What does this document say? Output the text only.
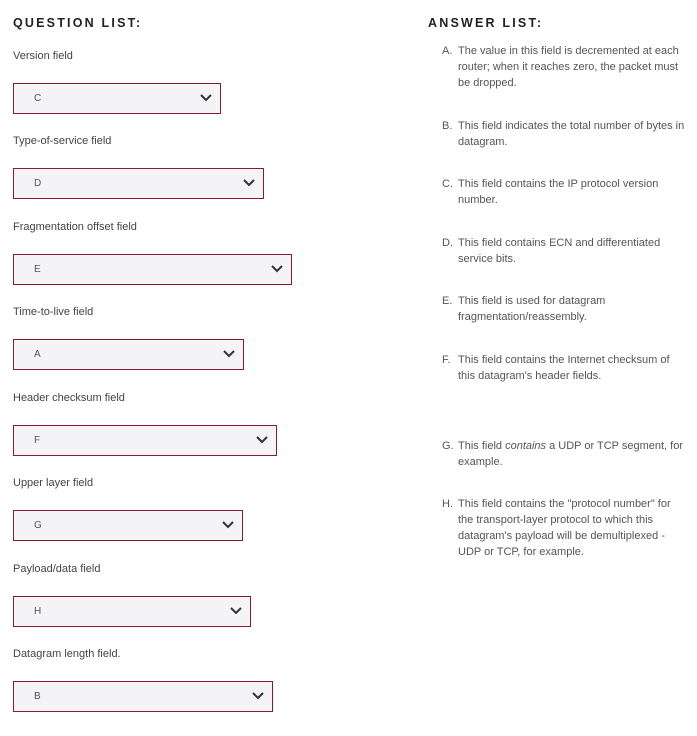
QUESTION LIST:	ANSWER LIST:
Version field
C
Type-of-service field
D
Fragmentation offset field
E
Time-to-live field
A
Header checksum field
F
Upper layer field
G
Payload/data field
H
Datagram length field.
B
A. The value in this field is decremented at each router; when it reaches zero, the packet must be dropped.
B. This field indicates the total number of bytes in datagram.
C. This field contains the IP protocol version number.
D. This field contains ECN and differentiated service bits.
E. This field is used for datagram fragmentation/reassembly.
F. This field contains the Internet checksum of this datagram's header fields.
G. This field contains a UDP or TCP segment, for example.
H. This field contains the "protocol number" for the transport-layer protocol to which this datagram's payload will be demultiplexed - UDP or TCP, for example.
